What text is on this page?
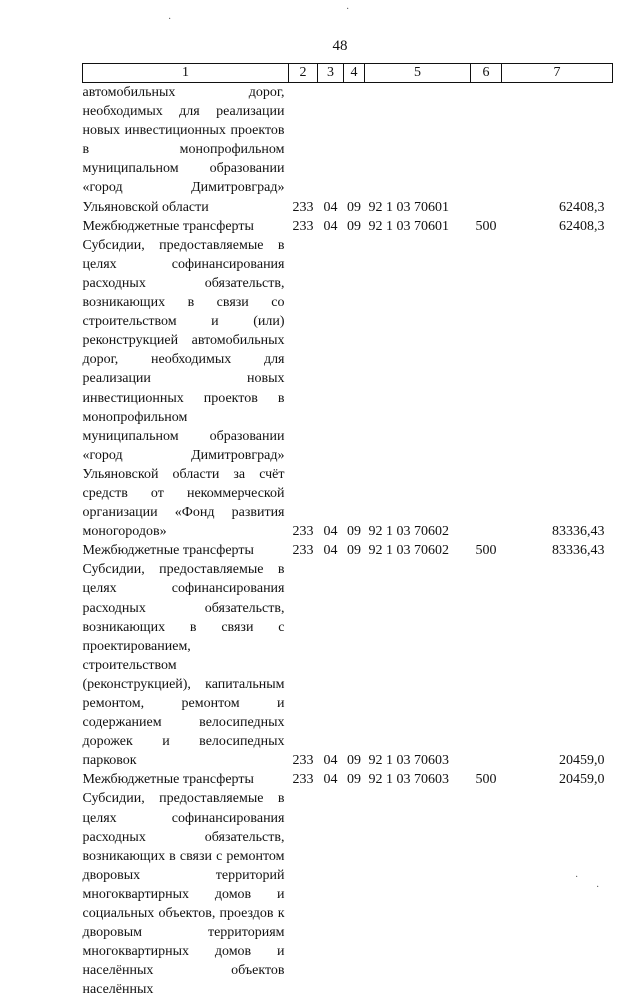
48
1	2	3	4	5	6	7
автомобильных дорог, необходимых для реализации новых инвестиционных проектов в монопрофильном муниципальном образовании «город Димитровград» Ульяновской области	233	04	09	92 1 03 70601		62408,3
Межбюджетные трансферты	233	04	09	92 1 03 70601	500	62408,3
Субсидии, предоставляемые в целях софинансирования расходных обязательств, возникающих в связи со строительством и (или) реконструкцией автомобильных дорог, необходимых для реализации новых инвестиционных проектов в монопрофильном муниципальном образовании «город Димитровград» Ульяновской области за счёт средств от некоммерческой организации «Фонд развития моногородов»	233	04	09	92 1 03 70602		83336,43
Межбюджетные трансферты	233	04	09	92 1 03 70602	500	83336,43
Субсидии, предоставляемые в целях софинансирования расходных обязательств, возникающих в связи с проектированием, строительством (реконструкцией), капитальным ремонтом, ремонтом и содержанием велосипедных дорожек и велосипедных парковок	233	04	09	92 1 03 70603		20459,0
Межбюджетные трансферты	233	04	09	92 1 03 70603	500	20459,0
Субсидии, предоставляемые в целях софинансирования расходных обязательств, возникающих в связи с ремонтом дворовых территорий многоквартирных домов и социальных объектов, проездов к дворовым территориям многоквартирных домов и населённых объектов населённых						
·
·
·
·
